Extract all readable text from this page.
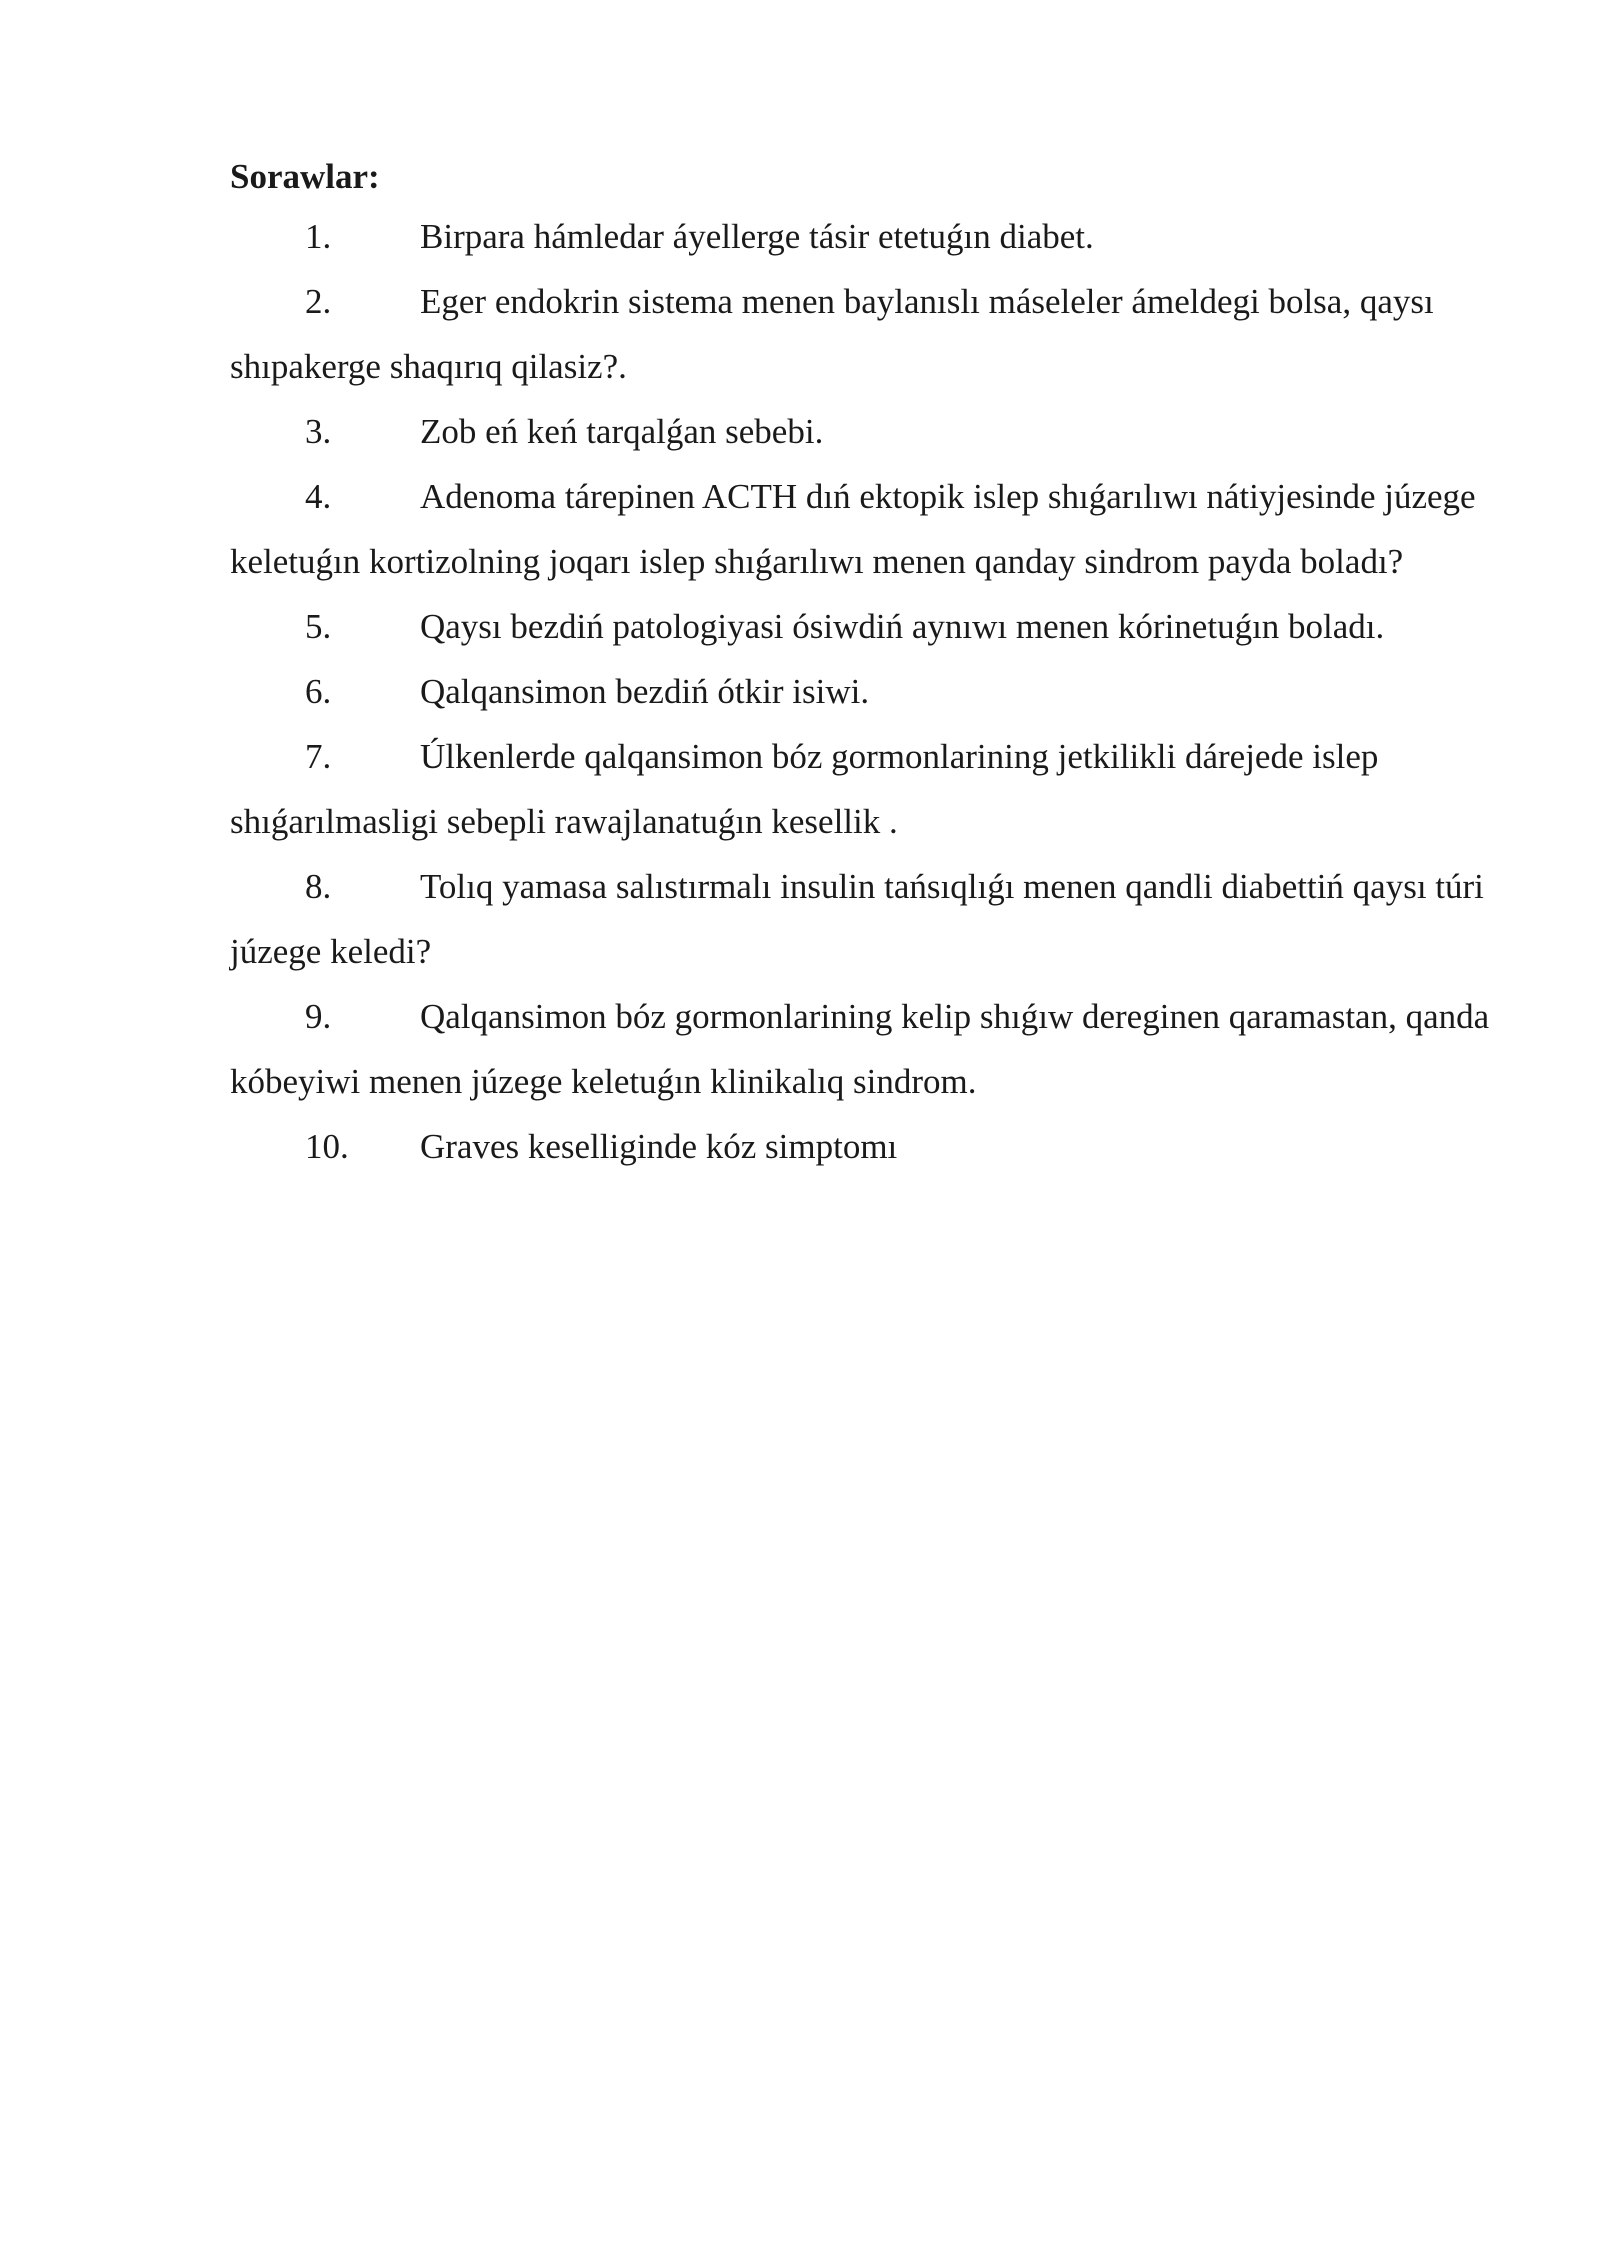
Sorawlar:

1.	Birpara hámledar áyellerge tásir etetuǵın diabet.
2.	Eger endokrin sistema menen baylanıslı máseleler ámeldegi bolsa, qaysı shıpakerge shaqırıq qilasiz?.
3.	Zob eń keń tarqalǵan sebebi.
4.	Adenoma tárepinen ACTH dıń ektopik islep shıǵarılıwı nátiyjesinde júzege keletuǵın kortizolning joqarı islep shıǵarılıwı menen qanday sindrom payda boladı?
5.	Qaysı bezdiń patologiyasi ósiwdiń aynıwı menen kórinetuǵın boladı.
6.	Qalqansimon bezdiń ótkir isiwi.
7.	Úlkenlerde qalqansimon bóz gormonlarining jetkilikli dárejede islep shıǵarılmasligi sebepli rawajlanatuǵın kesellik .
8.	Tolıq yamasa salıstırmalı insulin tańsıqlıǵı menen qandli diabettiń qaysı túri júzege keledi?
9.	Qalqansimon bóz gormonlarining kelip shıǵıw dereginen qaramastan, qanda kóbeyiwi menen júzege keletuǵın klinikalıq sindrom.
10. Graves keselliginde kóz simptomı
